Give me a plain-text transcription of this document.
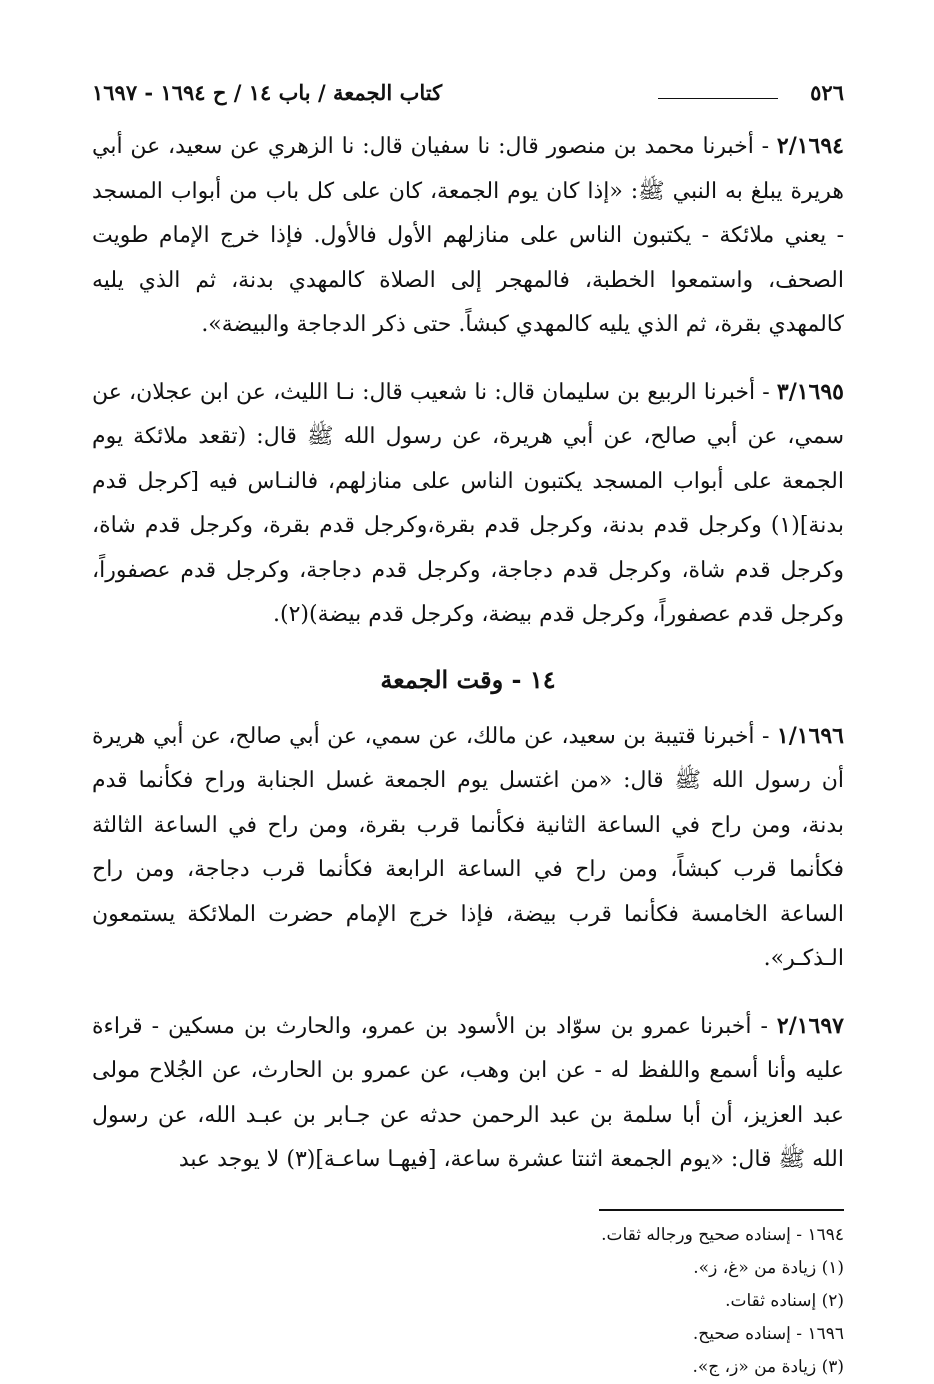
٥٢٦
كتاب الجمعة / باب ١٤ / ح ١٦٩٤ - ١٦٩٧

٢/١٦٩٤ - أخبرنا محمد بن منصور قال: نا سفيان قال: نا الزهري عن سعيد، عن أبي هريرة يبلغ به النبي ﷺ: «إذا كان يوم الجمعة، كان على كل باب من أبواب المسجد - يعني ملائكة - يكتبون الناس على منازلهم الأول فالأول. فإذا خرج الإمام طويت الصحف، واستمعوا الخطبة، فالمهجر إلى الصلاة كالمهدي بدنة، ثم الذي يليه كالمهدي بقرة، ثم الذي يليه كالمهدي كبشاً. حتى ذكر الدجاجة والبيضة».

٣/١٦٩٥ - أخبرنا الربيع بن سليمان قال: نا شعيب قال: نـا الليث، عن ابن عجلان، عن سمي، عن أبي صالح، عن أبي هريرة، عن رسول الله ﷺ قال: (تقعد ملائكة يوم الجمعة على أبواب المسجد يكتبون الناس على منازلهم، فالنـاس فيه [كرجل قدم بدنة](١) وكرجل قدم بدنة، وكرجل قدم بقرة،وكرجل قدم بقرة، وكرجل قدم شاة، وكرجل قدم شاة، وكرجل قدم دجاجة، وكرجل قدم دجاجة، وكرجل قدم عصفوراً، وكرجل قدم عصفوراً، وكرجل قدم بيضة، وكرجل قدم بيضة)(٢).

١٤ - وقت الجمعة

١/١٦٩٦ - أخبرنا قتيبة بن سعيد، عن مالك، عن سمي، عن أبي صالح، عن أبي هريرة أن رسول الله ﷺ قال: «من اغتسل يوم الجمعة غسل الجنابة وراح فكأنما قدم بدنة، ومن راح في الساعة الثانية فكأنما قرب بقرة، ومن راح في الساعة الثالثة فكأنما قرب كبشاً، ومن راح في الساعة الرابعة فكأنما قرب دجاجة، ومن راح الساعة الخامسة فكأنما قرب بيضة، فإذا خرج الإمام حضرت الملائكة يستمعون الـذكـر».

٢/١٦٩٧ - أخبرنا عمرو بن سوّاد بن الأسود بن عمرو، والحارث بن مسكين - قراءة عليه وأنا أسمع واللفظ له - عن ابن وهب، عن عمرو بن الحارث، عن الجُلاح مولى عبد العزيز، أن أبا سلمة بن عبد الرحمن حدثه عن جـابر بن عبـد الله، عن رسول الله ﷺ قال: «يوم الجمعة اثنتا عشرة ساعة، [فيهـا ساعـة](٣) لا يوجد عبد

١٦٩٤ - إسناده صحيح ورجاله ثقات.
(١) زيادة من «غ، ز».
(٢) إسناده ثقات.
١٦٩٦ - إسناده صحيح.
(٣) زيادة من «ز، ج».
